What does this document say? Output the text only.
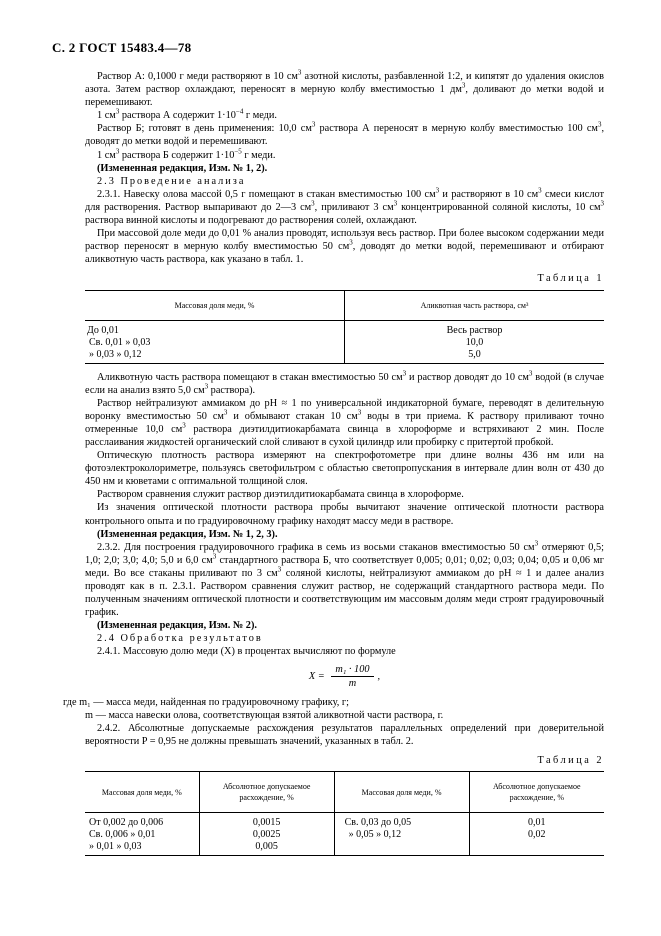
С. 2 ГОСТ 15483.4—78

Раствор А: 0,1000 г меди растворяют в 10 $см^3$ азотной кислоты, разбавленной 1:2, и кипятят до удаления окислов азота. Затем раствор охлаждают, переносят в мерную колбу вместимостью 1 $дм^3$, доливают до метки водой и перемешивают.

1 $см^3$ раствора А содержит $1\cdot 10^{-4}$ г меди.

Раствор Б; готовят в день применения: 10,0 $см^3$ раствора А переносят в мерную колбу вместимостью 100 $см^3$, доводят до метки водой и перемешивают.

1 $см^3$ раствора Б содержит $1\cdot 10^{-5}$ г меди.

(Измененная редакция, Изм. № 1, 2).

2.3 Проведение анализа

2.3.1. Навеску олова массой 0,5 г помещают в стакан вместимостью 100 $см^3$ и растворяют в 10 $см^3$ смеси кислот для растворения. Раствор выпаривают до 2—3 $см^3$, приливают 3 $см^3$ концентрированной соляной кислоты, 10 $см^3$ раствора винной кислоты и подогревают до растворения солей, охлаждают.

При массовой доле меди до 0,01 % анализ проводят, используя весь раствор. При более высоком содержании меди раствор переносят в мерную колбу вместимостью 50 $см^3$, доводят до метки водой, перемешивают и отбирают аликвотную часть раствора, как указано в табл. 1.

Таблица 1
Массовая доля меди, %	Аликвотная часть раствора, см³
До 0,01	Весь раствор
Св. 0,01 » 0,03	10,0
» 0,03 » 0,12	5,0

Аликвотную часть раствора помещают в стакан вместимостью 50 $см^3$ и раствор доводят до 10 $см^3$ водой (в случае если на анализ взято 5,0 $см^3$ раствора).

Раствор нейтрализуют аммиаком до pH ≈ 1 по универсальной индикаторной бумаге, переводят в делительную воронку вместимостью 50 $см^3$ и обмывают стакан 10 $см^3$ воды в три приема. К раствору приливают точно отмеренные 10,0 $см^3$ раствора диэтилдитиокарбамата свинца в хлороформе и встряхивают 2 мин. После расслаивания жидкостей органический слой сливают в сухой цилиндр или пробирку с притертой пробкой.

Оптическую плотность раствора измеряют на спектрофотометре при длине волны 436 нм или на фотоэлектроколориметре, пользуясь светофильтром с областью светопропускания в интервале длин волн от 430 до 450 нм и кюветами с оптимальной толщиной слоя.

Раствором сравнения служит раствор диэтилдитиокарбамата свинца в хлороформе.

Из значения оптической плотности раствора пробы вычитают значение оптической плотности раствора контрольного опыта и по градуировочному графику находят массу меди в растворе.

(Измененная редакция, Изм. № 1, 2, 3).

2.3.2. Для построения градуировочного графика в семь из восьми стаканов вместимостью 50 $см^3$ отмеряют 0,5; 1,0; 2,0; 3,0; 4,0; 5,0 и 6,0 $см^3$ стандартного раствора Б, что соответствует 0,005; 0,01; 0,02; 0,03; 0,04; 0,05 и 0,06 мг меди. Во все стаканы приливают по 3 $см^3$ соляной кислоты, нейтрализуют аммиаком до pH ≈ 1 и далее анализ проводят как в п. 2.3.1. Раствором сравнения служит раствор, не содержащий стандартного раствора меди. По полученным значениям оптической плотности и соответствующим им массовым долям меди строят градуировочный график.

(Измененная редакция, Изм. № 2).

2.4 Обработка результатов

2.4.1. Массовую долю меди (X) в процентах вычисляют по формуле

$X = \frac{\text{m₁ · 100}}{m}$ ,

где m₁ — масса меди, найденная по градуировочному графику, г;

m — масса навески олова, соответствующая взятой аликвотной части раствора, г.

2.4.2. Абсолютные допускаемые расхождения результатов параллельных определений при доверительной вероятности P = 0,95 не должны превышать значений, указанных в табл. 2.

Таблица 2
Массовая доля меди, %	Абсолютное допускаемое расхождение, %	Массовая доля меди, %	Абсолютное допускаемое расхождение, %
От 0,002 до 0,006	0,0015	Св. 0,03 до 0,05	0,01
Св. 0,006 » 0,01	0,0025	» 0,05 » 0,12	0,02
» 0,01 » 0,03	0,005		
